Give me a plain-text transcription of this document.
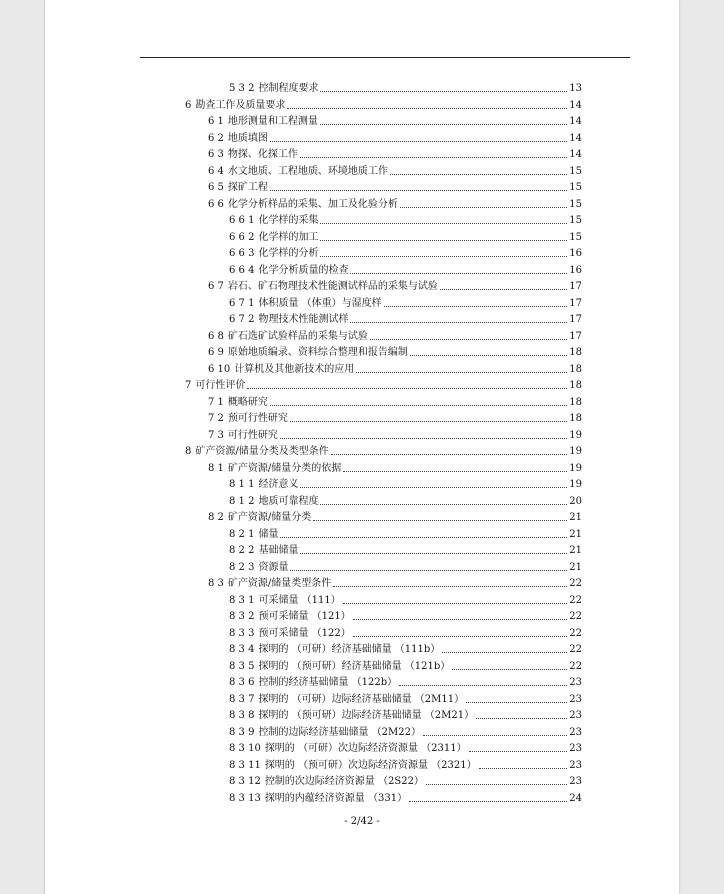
5 3 2 控制程度要求	13
6 勘查工作及质量要求	14
6 1 地形测量和工程测量	14
6 2 地质填图	14
6 3 物探、化探工作	14
6 4 水文地质、工程地质、环境地质工作	15
6 5 探矿工程	15
6 6 化学分析样品的采集、加工及化验分析	15
6 6 1 化学样的采集	15
6 6 2 化学样的加工	15
6 6 3 化学样的分析	16
6 6 4 化学分析质量的检查	16
6 7 岩石、矿石物理技术性能测试样品的采集与试验	17
6 7 1 体积质量 （体重）与湿度样	17
6 7 2 物理技术性能测试样	17
6 8 矿石选矿试验样品的采集与试验	17
6 9 原始地质编录、资料综合整理和报告编制	18
6 10 计算机及其他新技术的应用	18
7 可行性评价	18
7 1 概略研究	18
7 2 预可行性研究	18
7 3 可行性研究	19
8 矿产资源/储量分类及类型条件	19
8 1 矿产资源/储量分类的依据	19
8 1 1 经济意义	19
8 1 2 地质可靠程度	20
8 2 矿产资源/储量分类	21
8 2 1 储量	21
8 2 2 基础储量	21
8 2 3 资源量	21
8 3 矿产资源/储量类型条件	22
8 3 1 可采储量 （111）	22
8 3 2 预可采储量 （121）	22
8 3 3 预可采储量 （122）	22
8 3 4 探明的 （可研）经济基础储量 （111b）	22
8 3 5 探明的 （预可研）经济基础储量 （121b）	22
8 3 6 控制的经济基础储量 （122b）	23
8 3 7 探明的 （可研）边际经济基础储量 （2M11）	23
8 3 8 探明的 （预可研）边际经济基础储量 （2M21）	23
8 3 9 控制的边际经济基础储量 （2M22）	23
8 3 10 探明的 （可研）次边际经济资源量 （2311）	23
8 3 11 探明的 （预可研）次边际经济资源量 （2321）	23
8 3 12 控制的次边际经济资源量 （2S22）	23
8 3 13 探明的内蕴经济资源量 （331）	24
- 2/42 -
